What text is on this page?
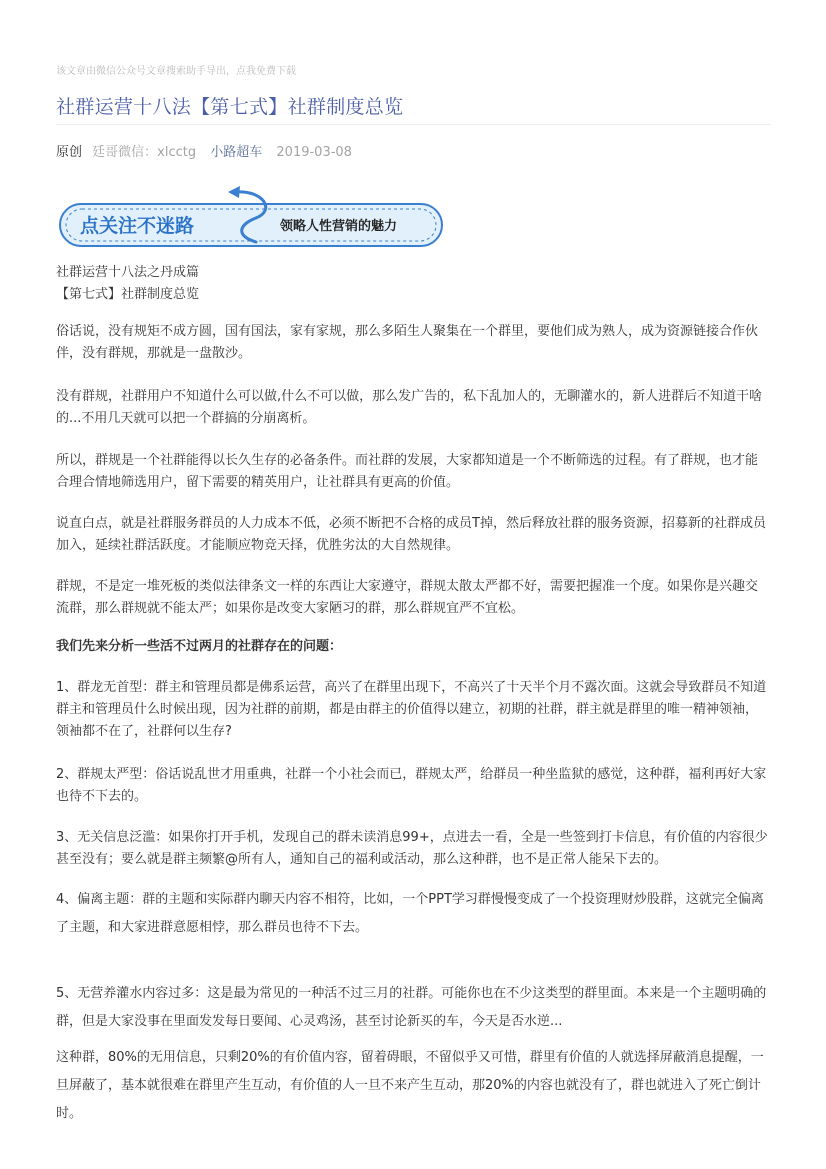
该文章由微信公众号文章搜索助手导出，点我免费下载
社群运营十八法【第七式】社群制度总览
原创 廷哥微信：xlcctg 小路超车 2019-03-08
点关注不迷路	领略人性营销的魅力
社群运营十八法之丹成篇
【第七式】社群制度总览

俗话说，没有规矩不成方圆，国有国法，家有家规，那么多陌生人聚集在一个群里，要他们成为熟人，成为资源链接合作伙伴，没有群规，那就是一盘散沙。

没有群规，社群用户不知道什么可以做,什么不可以做，那么发广告的，私下乱加人的，无聊灌水的，新人进群后不知道干啥的...不用几天就可以把一个群搞的分崩离析。

所以，群规是一个社群能得以长久生存的必备条件。而社群的发展，大家都知道是一个不断筛选的过程。有了群规，也才能合理合情地筛选用户，留下需要的精英用户，让社群具有更高的价值。

说直白点，就是社群服务群员的人力成本不低，必须不断把不合格的成员T掉，然后释放社群的服务资源，招募新的社群成员加入，延续社群活跃度。才能顺应物竞天择，优胜劣汰的大自然规律。

群规，不是定一堆死板的类似法律条文一样的东西让大家遵守，群规太散太严都不好，需要把握准一个度。如果你是兴趣交流群，那么群规就不能太严；如果你是改变大家陋习的群，那么群规宜严不宜松。

我们先来分析一些活不过两月的社群存在的问题：

1、群龙无首型：群主和管理员都是佛系运营，高兴了在群里出现下，不高兴了十天半个月不露次面。这就会导致群员不知道群主和管理员什么时候出现，因为社群的前期，都是由群主的价值得以建立，初期的社群，群主就是群里的唯一精神领袖，领袖都不在了，社群何以生存?

2、群规太严型：俗话说乱世才用重典，社群一个小社会而已，群规太严，给群员一种坐监狱的感觉，这种群，福利再好大家也待不下去的。

3、无关信息泛滥：如果你打开手机，发现自己的群未读消息99+，点进去一看，全是一些签到打卡信息，有价值的内容很少甚至没有；要么就是群主频繁@所有人，通知自己的福利或活动，那么这种群，也不是正常人能呆下去的。

4、偏离主题：群的主题和实际群内聊天内容不相符，比如，一个PPT学习群慢慢变成了一个投资理财炒股群，这就完全偏离了主题，和大家进群意愿相悖，那么群员也待不下去。

5、无营养灌水内容过多：这是最为常见的一种活不过三月的社群。可能你也在不少这类型的群里面。本来是一个主题明确的群，但是大家没事在里面发发每日要闻、心灵鸡汤，甚至讨论新买的车，今天是否水逆...

这种群，80%的无用信息，只剩20%的有价值内容，留着碍眼，不留似乎又可惜，群里有价值的人就选择屏蔽消息提醒，一旦屏蔽了，基本就很难在群里产生互动，有价值的人一旦不来产生互动，那20%的内容也就没有了，群也就进入了死亡倒计时。
